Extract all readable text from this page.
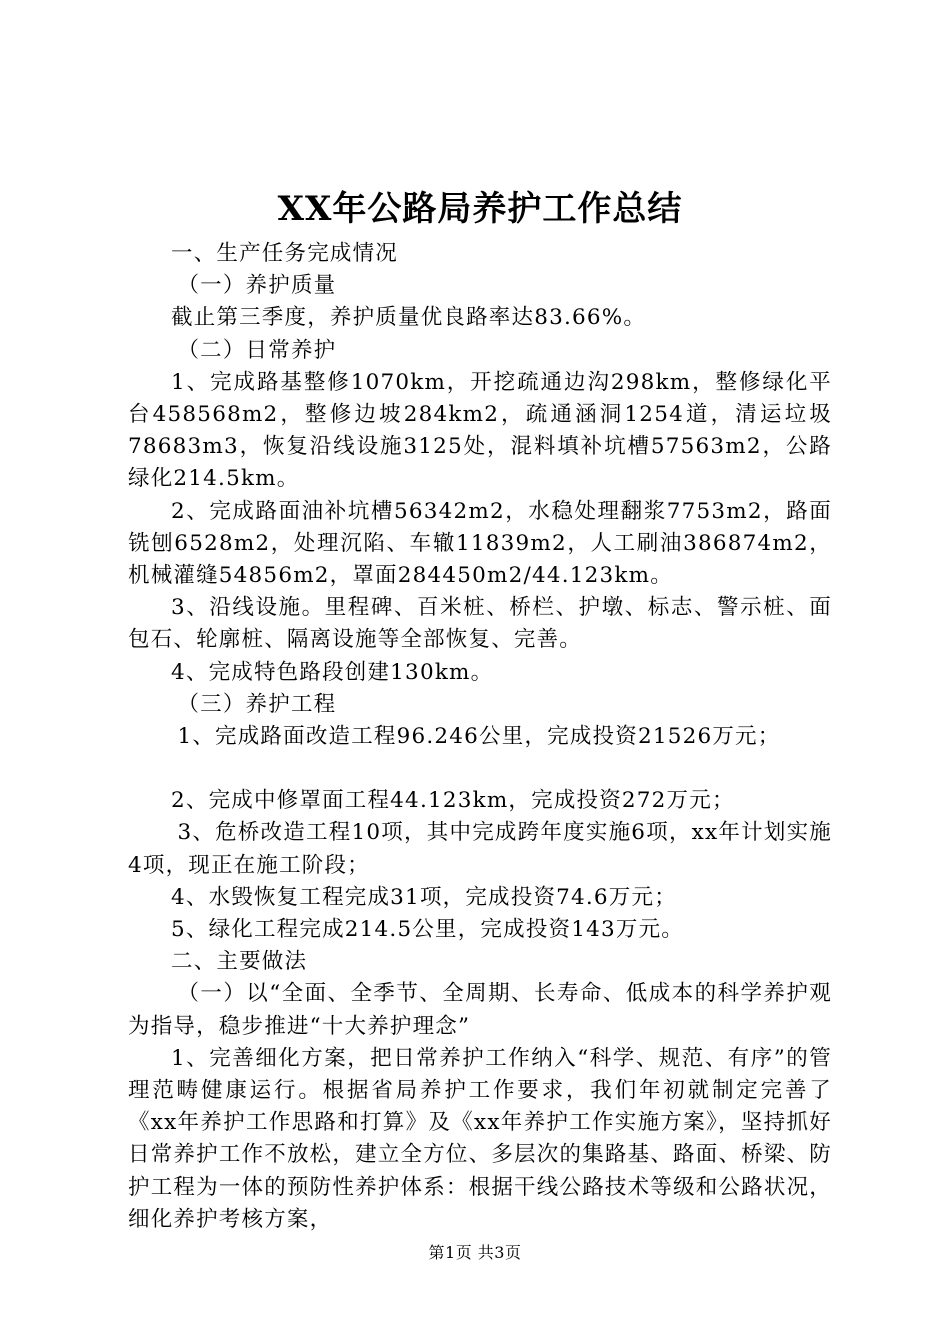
XX年公路局养护工作总结

一、生产任务完成情况

（一）养护质量

截止第三季度，养护质量优良路率达83.66%。

（二）日常养护

1、完成路基整修1070km，开挖疏通边沟298km，整修绿化平台458568m2，整修边坡284km2，疏通涵洞1254道，清运垃圾78683m3，恢复沿线设施3125处，混料填补坑槽57563m2，公路绿化214.5km。

2、完成路面油补坑槽56342m2，水稳处理翻浆7753m2，路面铣刨6528m2，处理沉陷、车辙11839m2，人工刷油386874m2，机械灌缝54856m2，罩面284450m2/44.123km。

3、沿线设施。里程碑、百米桩、桥栏、护墩、标志、警示桩、面包石、轮廓桩、隔离设施等全部恢复、完善。

4、完成特色路段创建130km。

（三）养护工程

1、完成路面改造工程96.246公里，完成投资21526万元；

2、完成中修罩面工程44.123km，完成投资272万元；

3、危桥改造工程10项，其中完成跨年度实施6项，xx年计划实施4项，现正在施工阶段；

4、水毁恢复工程完成31项，完成投资74.6万元；

5、绿化工程完成214.5公里，完成投资143万元。

二、主要做法

（一）以“全面、全季节、全周期、长寿命、低成本的科学养护观为指导，稳步推进“十大养护理念”

1、完善细化方案，把日常养护工作纳入“科学、规范、有序”的管理范畴健康运行。根据省局养护工作要求，我们年初就制定完善了《xx年养护工作思路和打算》及《xx年养护工作实施方案》，坚持抓好日常养护工作不放松，建立全方位、多层次的集路基、路面、桥梁、防护工程为一体的预防性养护体系：根据干线公路技术等级和公路状况，细化养护考核方案，

第1页 共3页
